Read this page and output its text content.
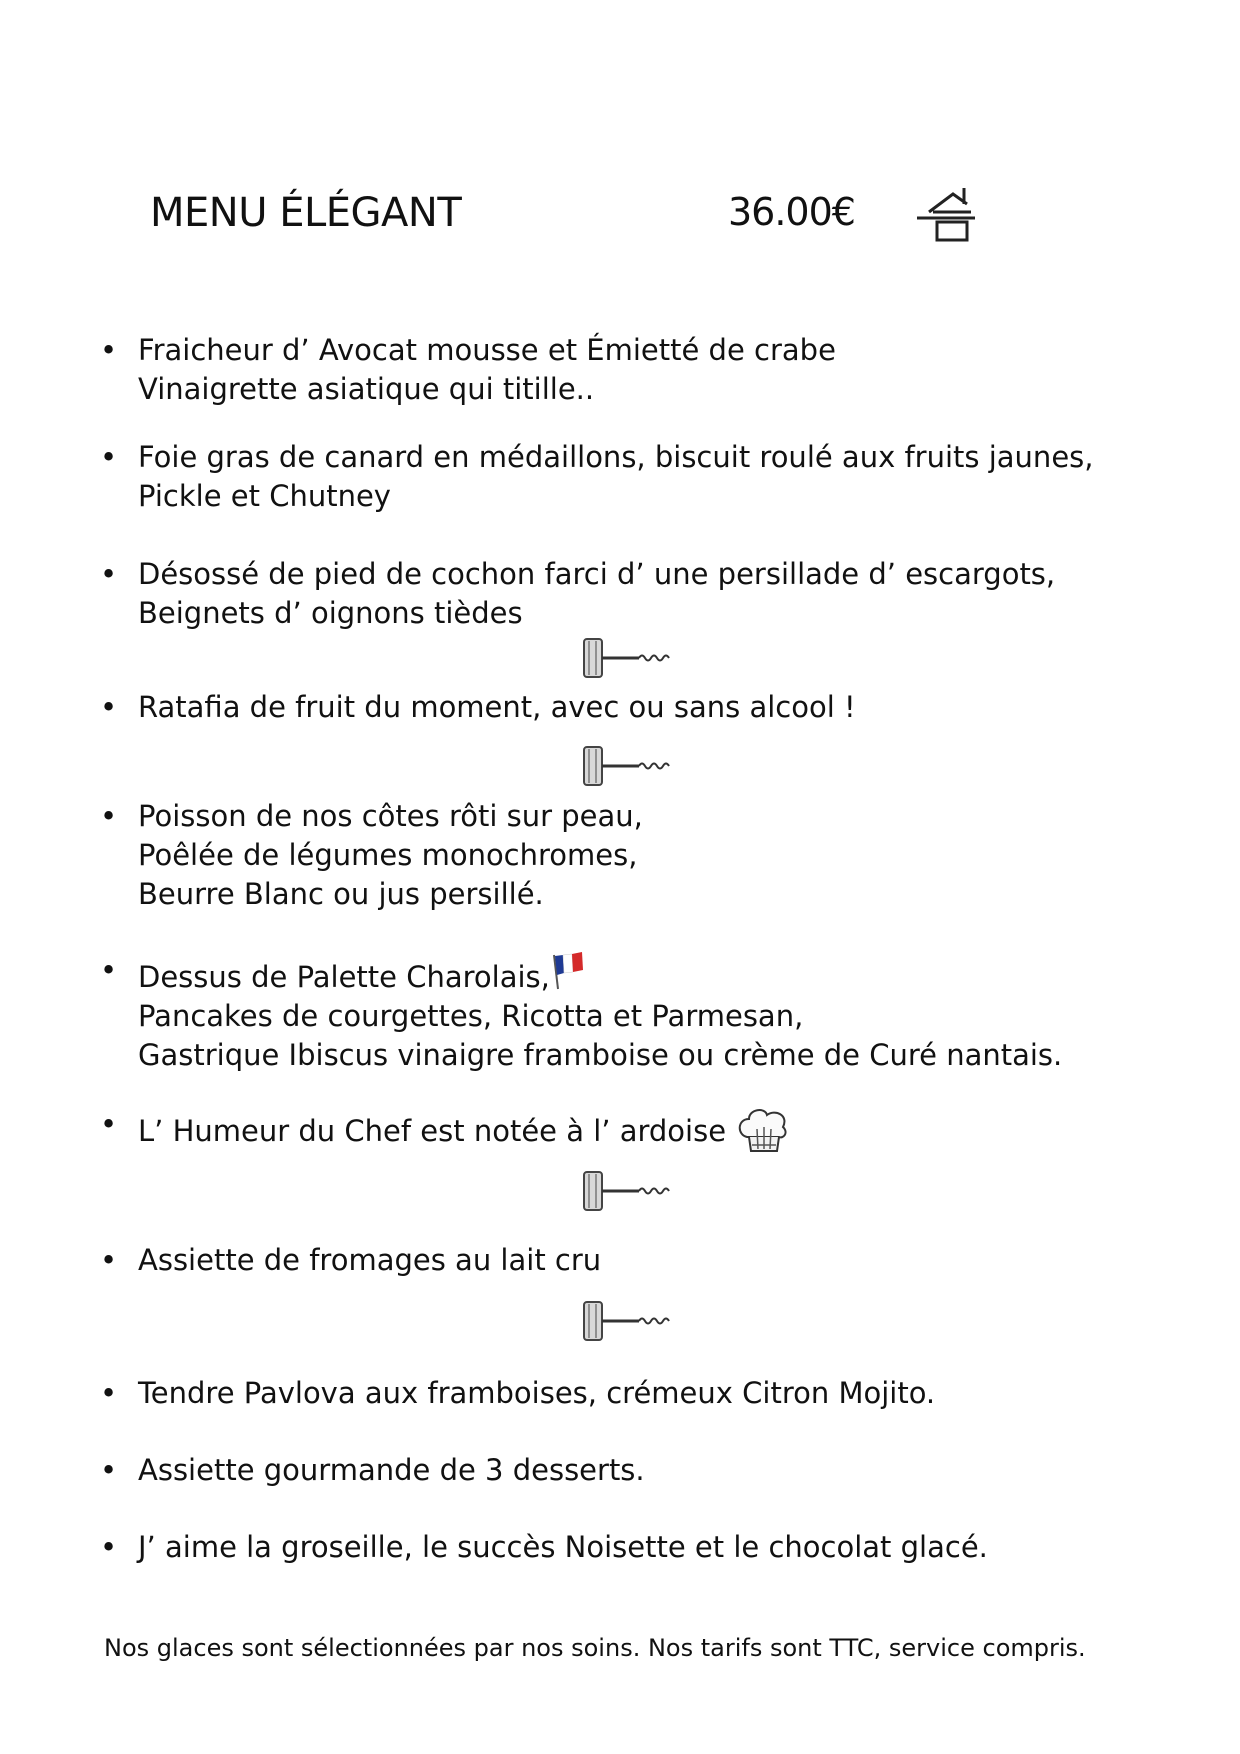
MENU ÉLÉGANT	36.00€
• Fraicheur d’ Avocat mousse et Émietté de crabe
Vinaigrette asiatique qui titille..
• Foie gras de canard en médaillons, biscuit roulé aux fruits jaunes,
Pickle et Chutney
• Désossé de pied de cochon farci d’ une persillade d’ escargots,
Beignets d’ oignons tièdes
• Ratafia de fruit du moment, avec ou sans alcool !
• Poisson de nos côtes rôti sur peau,
Poêlée de légumes monochromes,
Beurre Blanc ou jus persillé.
• Dessus de Palette Charolais,
Pancakes de courgettes, Ricotta et Parmesan,
Gastrique Ibiscus vinaigre framboise ou crème de Curé nantais.
• L’ Humeur du Chef est notée à l’ ardoise
• Assiette de fromages au lait cru
• Tendre Pavlova aux framboises, crémeux Citron Mojito.
• Assiette gourmande de 3 desserts.
• J’ aime la groseille, le succès Noisette et le chocolat glacé.
Nos glaces sont sélectionnées par nos soins. Nos tarifs sont TTC, service compris.
